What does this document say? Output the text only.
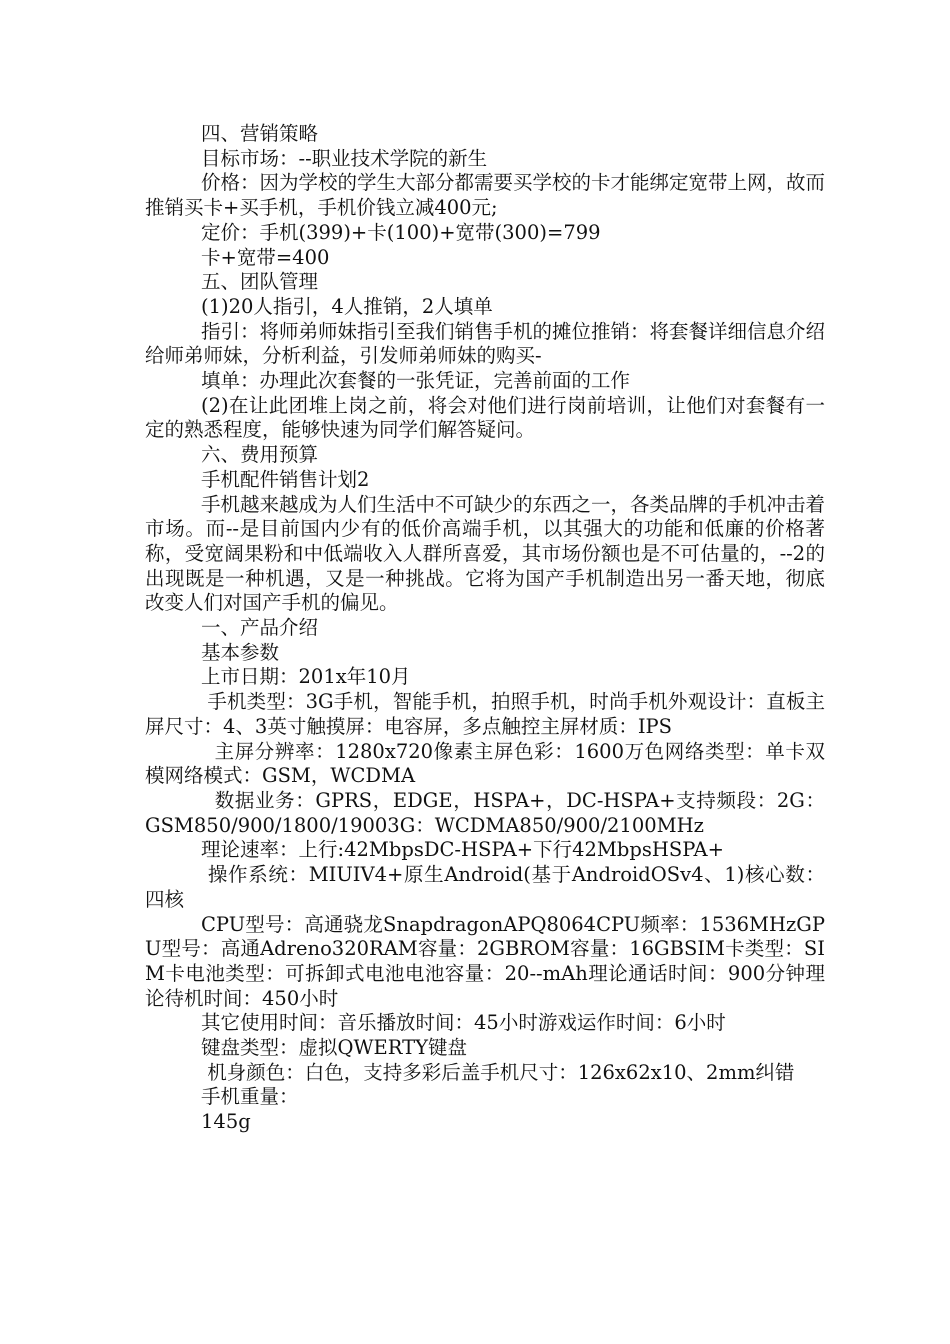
四、营销策略

目标市场：--职业技术学院的新生

价格：因为学校的学生大部分都需要买学校的卡才能绑定宽带上网，故而推销买卡+买手机，手机价钱立减400元;

定价：手机(399)+卡(100)+宽带(300)=799

卡+宽带=400

五、团队管理

(1)20人指引，4人推销，2人填单

指引：将师弟师妹指引至我们销售手机的摊位推销：将套餐详细信息介绍给师弟师妹，分析利益，引发师弟师妹的购买-

填单：办理此次套餐的一张凭证，完善前面的工作

(2)在让此团堆上岗之前，将会对他们进行岗前培训，让他们对套餐有一定的熟悉程度，能够快速为同学们解答疑问。

六、费用预算

手机配件销售计划2

手机越来越成为人们生活中不可缺少的东西之一，各类品牌的手机冲击着市场。而--是目前国内少有的低价高端手机，以其强大的功能和低廉的价格著称，受宽阔果粉和中低端收入人群所喜爱，其市场份额也是不可估量的，--2的出现既是一种机遇，又是一种挑战。它将为国产手机制造出另一番天地，彻底改变人们对国产手机的偏见。

一、产品介绍

基本参数

上市日期：201x年10月

手机类型：3G手机，智能手机，拍照手机，时尚手机外观设计：直板主屏尺寸：4、3英寸触摸屏：电容屏，多点触控主屏材质：IPS

主屏分辨率：1280x720像素主屏色彩：1600万色网络类型：单卡双模网络模式：GSM，WCDMA

数据业务：GPRS，EDGE，HSPA+，DC-HSPA+支持频段：2G：GSM850/900/1800/19003G：WCDMA850/900/2100MHz

理论速率：上行:42MbpsDC-HSPA+下行42MbpsHSPA+

操作系统：MIUIV4+原生Android(基于AndroidOSv4、1)核心数：四核

CPU型号：高通骁龙SnapdragonAPQ8064CPU频率：1536MHzGPU型号：高通Adreno320RAM容量：2GBROM容量：16GBSIM卡类型：SIM卡电池类型：可拆卸式电池电池容量：20--mAh理论通话时间：900分钟理论待机时间：450小时

其它使用时间：音乐播放时间：45小时游戏运作时间：6小时

键盘类型：虚拟QWERTY键盘

机身颜色：白色，支持多彩后盖手机尺寸：126x62x10、2mm纠错

手机重量：

145g
